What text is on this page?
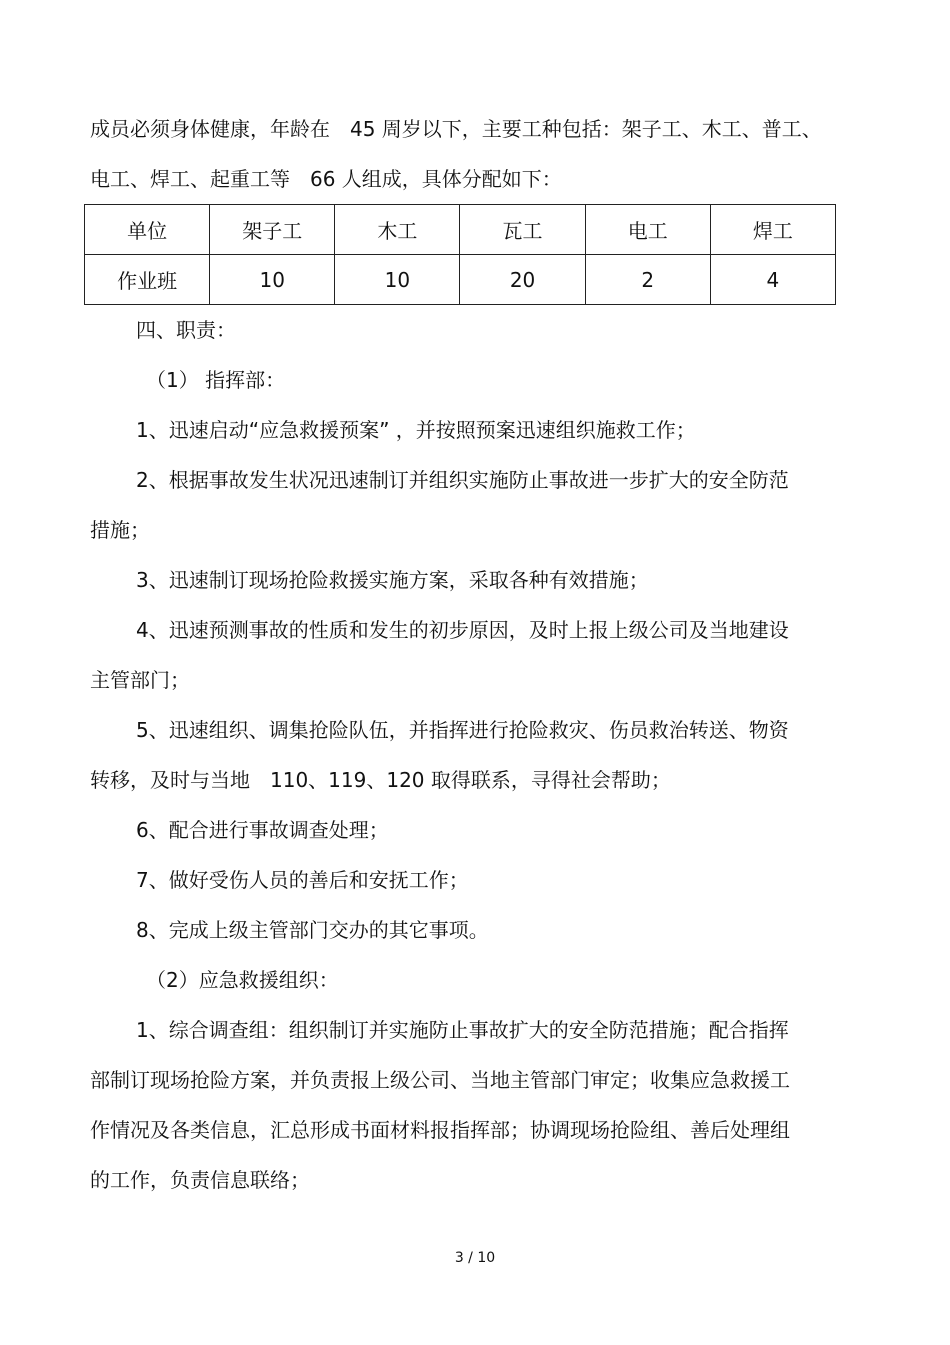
成员必须身体健康，年龄在　45 周岁以下，主要工种包括：架子工、木工、普工、

电工、焊工、起重工等　66 人组成，具体分配如下：

单位	架子工	木工	瓦工	电工	焊工
作业班	10	10	20	2	4

四、职责：

（1） 指挥部：

1、迅速启动“应急救援预案” ，并按照预案迅速组织施救工作；

2、根据事故发生状况迅速制订并组织实施防止事故进一步扩大的安全防范

措施；

3、迅速制订现场抢险救援实施方案，采取各种有效措施；

4、迅速预测事故的性质和发生的初步原因，及时上报上级公司及当地建设

主管部门；

5、迅速组织、调集抢险队伍，并指挥进行抢险救灾、伤员救治转送、物资

转移，及时与当地　110、119、120 取得联系，寻得社会帮助；

6、配合进行事故调查处理；

7、做好受伤人员的善后和安抚工作；

8、完成上级主管部门交办的其它事项。

（2）应急救援组织：

1、综合调查组：组织制订并实施防止事故扩大的安全防范措施；配合指挥

部制订现场抢险方案，并负责报上级公司、当地主管部门审定；收集应急救援工

作情况及各类信息，汇总形成书面材料报指挥部；协调现场抢险组、善后处理组

的工作，负责信息联络；

3 / 10
